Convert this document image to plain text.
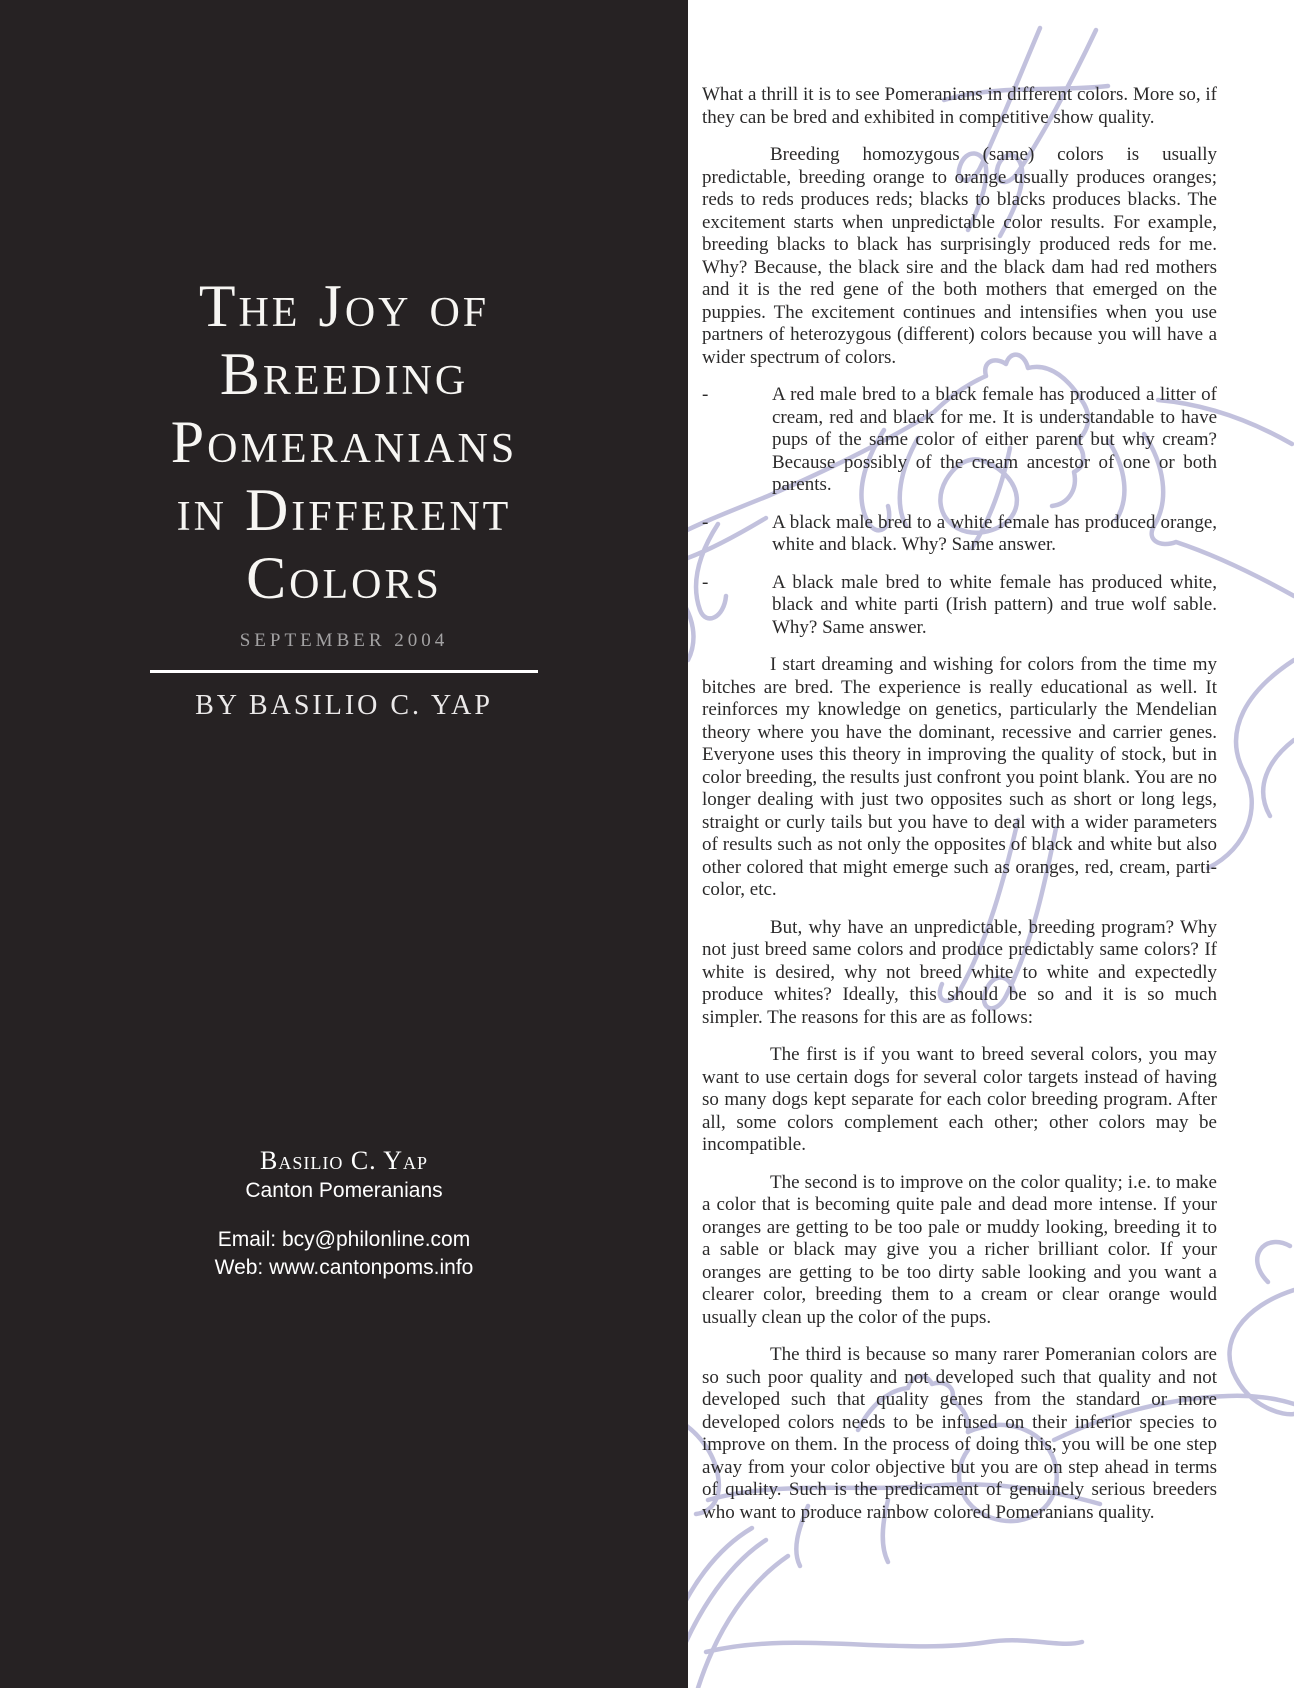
The Joy of
Breeding
Pomeranians
in Different
Colors
SEPTEMBER 2004
BY BASILIO C. YAP
Basilio C. Yap
Canton Pomeranians
Email: bcy@philonline.com
Web: www.cantonpoms.info

What a thrill it is to see Pomeranians in different colors. More so, if they can be bred and exhibited in competitive show quality.

Breeding homozygous (same) colors is usually predictable, breeding orange to orange usually produces oranges; reds to reds produces reds; blacks to blacks produces blacks. The excitement starts when unpredictable color results. For example, breeding blacks to black has surprisingly produced reds for me. Why? Because, the black sire and the black dam had red mothers and it is the red gene of the both mothers that emerged on the puppies. The excitement continues and intensifies when you use partners of heterozygous (different) colors because you will have a wider spectrum of colors.

-	A red male bred to a black female has produced a litter of cream, red and black for me. It is understandable to have pups of the same color of either parent but why cream? Because possibly of the cream ancestor of one or both parents.

-	A black male bred to a white female has produced orange, white and black. Why? Same answer.

-	A black male bred to white female has produced white, black and white parti (Irish pattern) and true wolf sable. Why? Same answer.

I start dreaming and wishing for colors from the time my bitches are bred. The experience is really educational as well. It reinforces my knowledge on genetics, particularly the Mendelian theory where you have the dominant, recessive and carrier genes. Everyone uses this theory in improving the quality of stock, but in color breeding, the results just confront you point blank. You are no longer dealing with just two opposites such as short or long legs, straight or curly tails but you have to deal with a wider parameters of results such as not only the opposites of black and white but also other colored that might emerge such as oranges, red, cream, parti-color, etc.

But, why have an unpredictable, breeding program? Why not just breed same colors and produce predictably same colors? If white is desired, why not breed white to white and expectedly produce whites? Ideally, this should be so and it is so much simpler. The reasons for this are as follows:

The first is if you want to breed several colors, you may want to use certain dogs for several color targets instead of having so many dogs kept separate for each color breeding program. After all, some colors complement each other; other colors may be incompatible.

The second is to improve on the color quality; i.e. to make a color that is becoming quite pale and dead more intense. If your oranges are getting to be too pale or muddy looking, breeding it to a sable or black may give you a richer brilliant color. If your oranges are getting to be too dirty sable looking and you want a clearer color, breeding them to a cream or clear orange would usually clean up the color of the pups.

The third is because so many rarer Pomeranian colors are so such poor quality and not developed such that quality and not developed such that quality genes from the standard or more developed colors needs to be infused on their inferior species to improve on them. In the process of doing this, you will be one step away from your color objective but you are on step ahead in terms of quality. Such is the predicament of genuinely serious breeders who want to produce rainbow colored Pomeranians quality.
